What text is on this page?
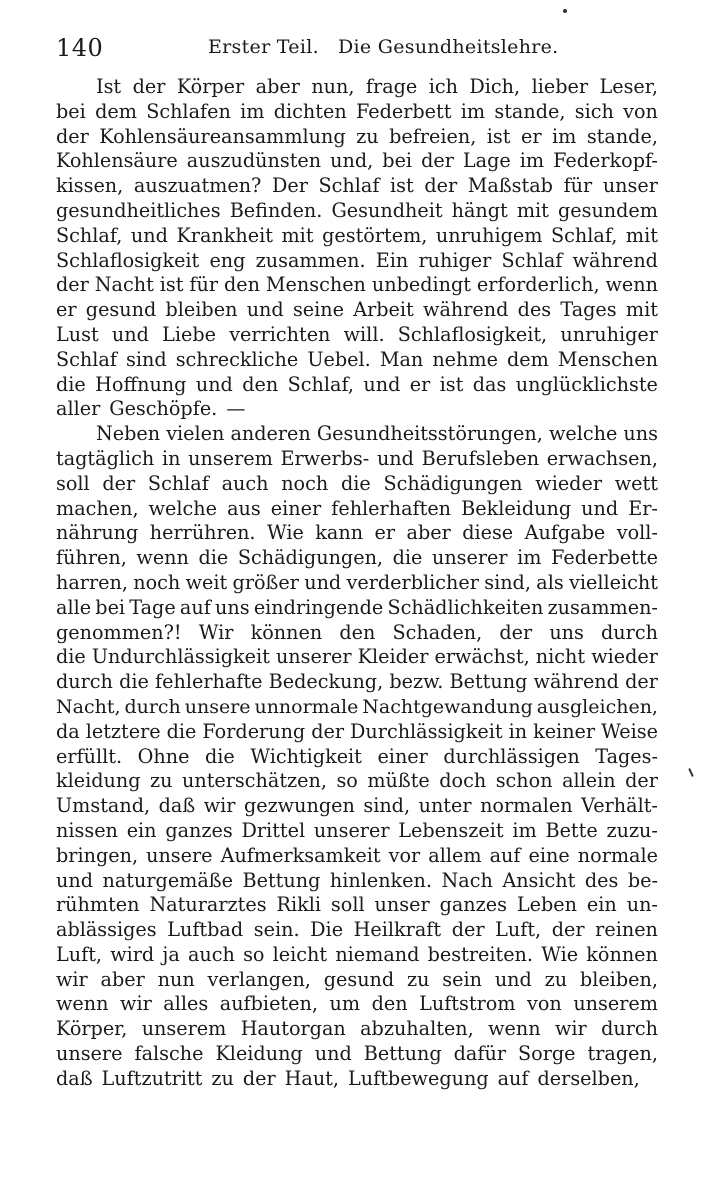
140	Erster Teil.   Die Gesundheitslehre.
Ist der Körper aber nun, frage ich Dich, lieber Leser,
bei dem Schlafen im dichten Federbett im stande, sich von
der Kohlensäureansammlung zu befreien, ist er im stande,
Kohlensäure auszudünsten und, bei der Lage im Federkopf-
kissen, auszuatmen? Der Schlaf ist der Maßstab für unser
gesundheitliches Befinden. Gesundheit hängt mit gesundem
Schlaf, und Krankheit mit gestörtem, unruhigem Schlaf, mit
Schlaflosigkeit eng zusammen. Ein ruhiger Schlaf während
der Nacht ist für den Menschen unbedingt erforderlich, wenn
er gesund bleiben und seine Arbeit während des Tages mit
Lust und Liebe verrichten will. Schlaflosigkeit, unruhiger
Schlaf sind schreckliche Uebel. Man nehme dem Menschen
die Hoffnung und den Schlaf, und er ist das unglücklichste
aller Geschöpfe. —
Neben vielen anderen Gesundheitsstörungen, welche uns
tagtäglich in unserem Erwerbs- und Berufsleben erwachsen,
soll der Schlaf auch noch die Schädigungen wieder wett
machen, welche aus einer fehlerhaften Bekleidung und Er-
nährung herrühren. Wie kann er aber diese Aufgabe voll-
führen, wenn die Schädigungen, die unserer im Federbette
harren, noch weit größer und verderblicher sind, als vielleicht
alle bei Tage auf uns eindringende Schädlichkeiten zusammen-
genommen?! Wir können den Schaden, der uns durch
die Undurchlässigkeit unserer Kleider erwächst, nicht wieder
durch die fehlerhafte Bedeckung, bezw. Bettung während der
Nacht, durch unsere unnormale Nachtgewandung ausgleichen,
da letztere die Forderung der Durchlässigkeit in keiner Weise
erfüllt. Ohne die Wichtigkeit einer durchlässigen Tages-
kleidung zu unterschätzen, so müßte doch schon allein der
Umstand, daß wir gezwungen sind, unter normalen Verhält-
nissen ein ganzes Drittel unserer Lebenszeit im Bette zuzu-
bringen, unsere Aufmerksamkeit vor allem auf eine normale
und naturgemäße Bettung hinlenken. Nach Ansicht des be-
rühmten Naturarztes Rikli soll unser ganzes Leben ein un-
ablässiges Luftbad sein. Die Heilkraft der Luft, der reinen
Luft, wird ja auch so leicht niemand bestreiten. Wie können
wir aber nun verlangen, gesund zu sein und zu bleiben,
wenn wir alles aufbieten, um den Luftstrom von unserem
Körper, unserem Hautorgan abzuhalten, wenn wir durch
unsere falsche Kleidung und Bettung dafür Sorge tragen,
daß Luftzutritt zu der Haut, Luftbewegung auf derselben,
